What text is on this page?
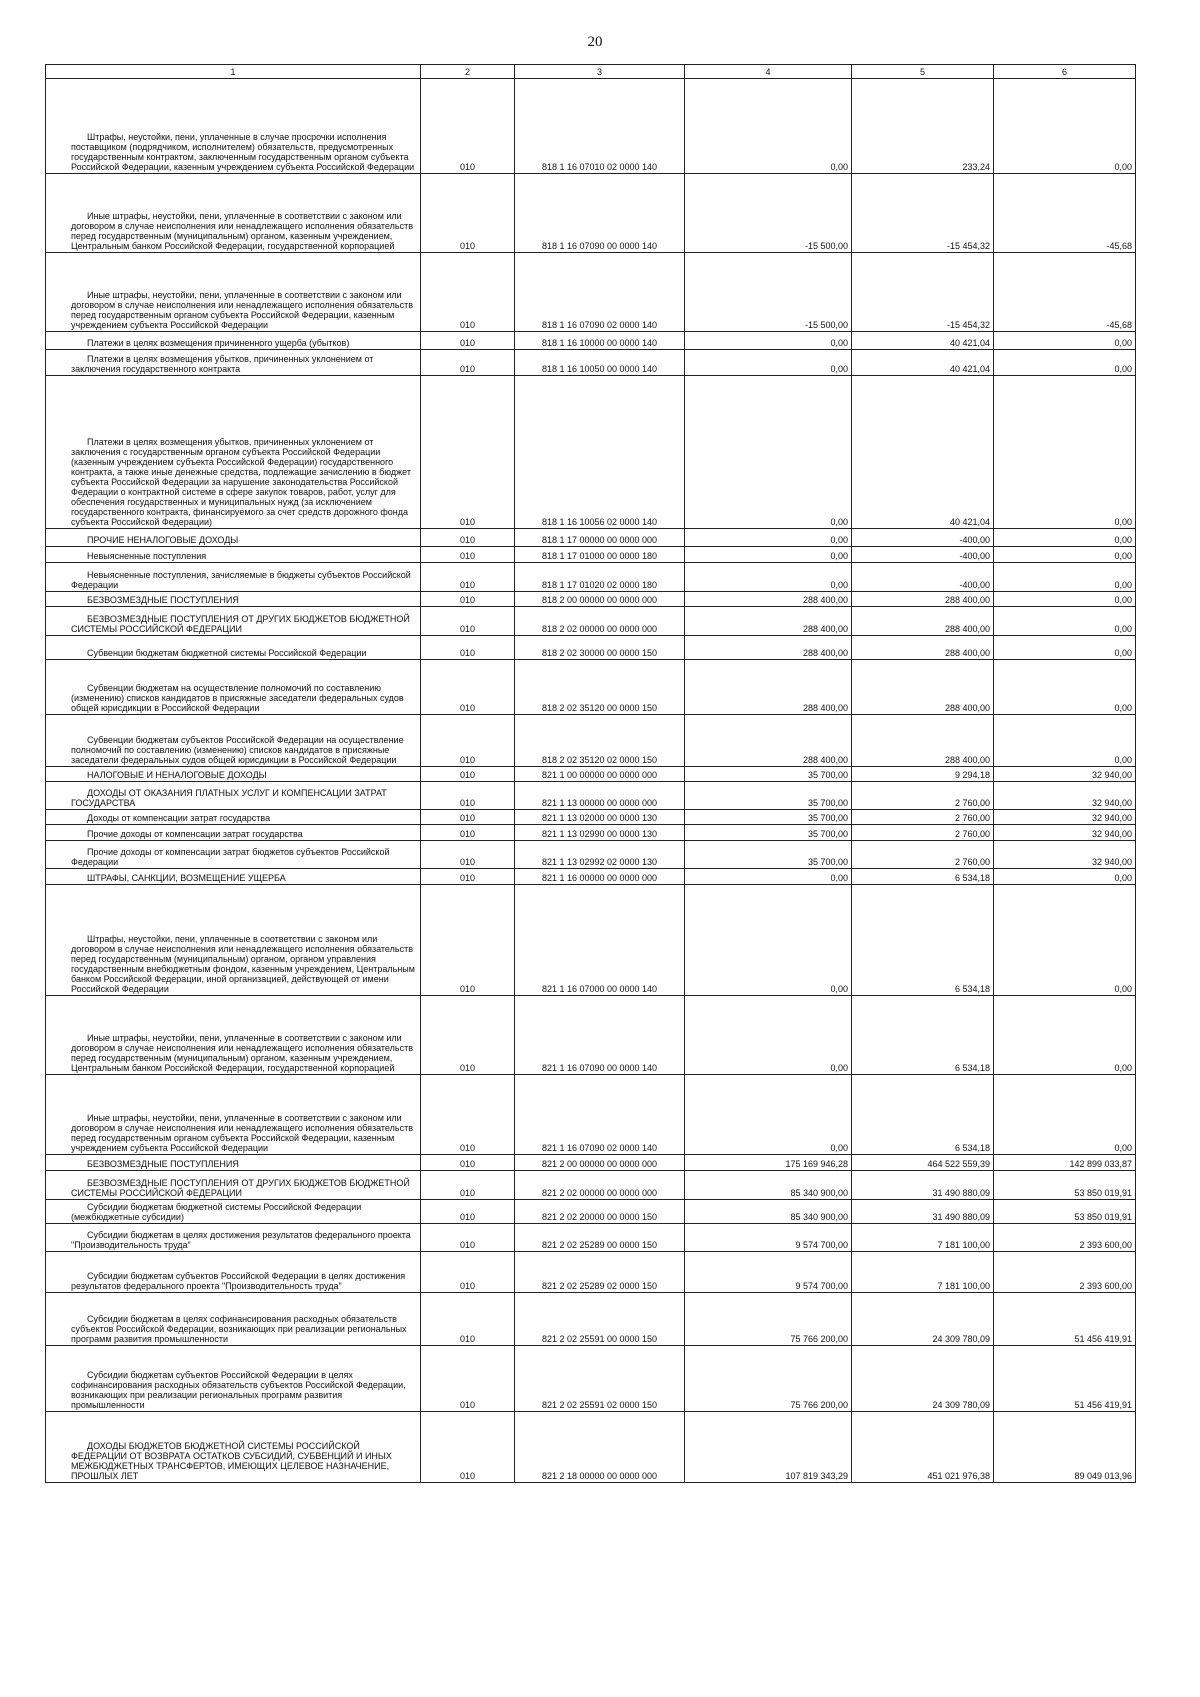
20
1	2	3	4	5	6
Штрафы, неустойки, пени, уплаченные в случае просрочки исполнения поставщиком (подрядчиком, исполнителем) обязательств, предусмотренных государственным контрактом, заключенным государственным органом субъекта Российской Федерации, казенным учреждением субъекта Российской Федерации	010	818 1 16 07010 02 0000 140	0,00	233,24	0,00
Иные штрафы, неустойки, пени, уплаченные в соответствии с законом или договором в случае неисполнения или ненадлежащего исполнения обязательств перед государственным (муниципальным) органом, казенным учреждением, Центральным банком Российской Федерации, государственной корпорацией	010	818 1 16 07090 00 0000 140	-15 500,00	-15 454,32	-45,68
Иные штрафы, неустойки, пени, уплаченные в соответствии с законом или договором в случае неисполнения или ненадлежащего исполнения обязательств перед государственным органом субъекта Российской Федерации, казенным учреждением субъекта Российской Федерации	010	818 1 16 07090 02 0000 140	-15 500,00	-15 454,32	-45,68
Платежи в целях возмещения причиненного ущерба (убытков)	010	818 1 16 10000 00 0000 140	0,00	40 421,04	0,00
Платежи в целях возмещения убытков, причиненных уклонением от заключения государственного контракта	010	818 1 16 10050 00 0000 140	0,00	40 421,04	0,00
Платежи в целях возмещения убытков, причиненных уклонением от заключения с государственным органом субъекта Российской Федерации (казенным учреждением субъекта Российской Федерации) государственного контракта, а также иные денежные средства, подлежащие зачислению в бюджет субъекта Российской Федерации за нарушение законодательства Российской Федерации о контрактной системе в сфере закупок товаров, работ, услуг для обеспечения государственных и муниципальных нужд (за исключением государственного контракта, финансируемого за счет средств дорожного фонда субъекта Российской Федерации)	010	818 1 16 10056 02 0000 140	0,00	40 421,04	0,00
ПРОЧИЕ НЕНАЛОГОВЫЕ ДОХОДЫ	010	818 1 17 00000 00 0000 000	0,00	-400,00	0,00
Невыясненные поступления	010	818 1 17 01000 00 0000 180	0,00	-400,00	0,00
Невыясненные поступления, зачисляемые в бюджеты субъектов Российской Федерации	010	818 1 17 01020 02 0000 180	0,00	-400,00	0,00
БЕЗВОЗМЕЗДНЫЕ ПОСТУПЛЕНИЯ	010	818 2 00 00000 00 0000 000	288 400,00	288 400,00	0,00
БЕЗВОЗМЕЗДНЫЕ ПОСТУПЛЕНИЯ ОТ ДРУГИХ БЮДЖЕТОВ БЮДЖЕТНОЙ СИСТЕМЫ РОССИЙСКОЙ ФЕДЕРАЦИИ	010	818 2 02 00000 00 0000 000	288 400,00	288 400,00	0,00
Субвенции бюджетам бюджетной системы Российской Федерации	010	818 2 02 30000 00 0000 150	288 400,00	288 400,00	0,00
Субвенции бюджетам на осуществление полномочий по составлению (изменению) списков кандидатов в присяжные заседатели федеральных судов общей юрисдикции в Российской Федерации	010	818 2 02 35120 00 0000 150	288 400,00	288 400,00	0,00
Субвенции бюджетам субъектов Российской Федерации на осуществление полномочий по составлению (изменению) списков кандидатов в присяжные заседатели федеральных судов общей юрисдикции в Российской Федерации	010	818 2 02 35120 02 0000 150	288 400,00	288 400,00	0,00
НАЛОГОВЫЕ И НЕНАЛОГОВЫЕ ДОХОДЫ	010	821 1 00 00000 00 0000 000	35 700,00	9 294,18	32 940,00
ДОХОДЫ ОТ ОКАЗАНИЯ ПЛАТНЫХ УСЛУГ И КОМПЕНСАЦИИ ЗАТРАТ ГОСУДАРСТВА	010	821 1 13 00000 00 0000 000	35 700,00	2 760,00	32 940,00
Доходы от компенсации затрат государства	010	821 1 13 02000 00 0000 130	35 700,00	2 760,00	32 940,00
Прочие доходы от компенсации затрат государства	010	821 1 13 02990 00 0000 130	35 700,00	2 760,00	32 940,00
Прочие доходы от компенсации затрат бюджетов субъектов Российской Федерации	010	821 1 13 02992 02 0000 130	35 700,00	2 760,00	32 940,00
ШТРАФЫ, САНКЦИИ, ВОЗМЕЩЕНИЕ УЩЕРБА	010	821 1 16 00000 00 0000 000	0,00	6 534,18	0,00
Штрафы, неустойки, пени, уплаченные в соответствии с законом или договором в случае неисполнения или ненадлежащего исполнения обязательств перед государственным (муниципальным) органом, органом управления государственным внебюджетным фондом, казенным учреждением, Центральным банком Российской Федерации, иной организацией, действующей от имени Российской Федерации	010	821 1 16 07000 00 0000 140	0,00	6 534,18	0,00
Иные штрафы, неустойки, пени, уплаченные в соответствии с законом или договором в случае неисполнения или ненадлежащего исполнения обязательств перед государственным (муниципальным) органом, казенным учреждением, Центральным банком Российской Федерации, государственной корпорацией	010	821 1 16 07090 00 0000 140	0,00	6 534,18	0,00
Иные штрафы, неустойки, пени, уплаченные в соответствии с законом или договором в случае неисполнения или ненадлежащего исполнения обязательств перед государственным органом субъекта Российской Федерации, казенным учреждением субъекта Российской Федерации	010	821 1 16 07090 02 0000 140	0,00	6 534,18	0,00
БЕЗВОЗМЕЗДНЫЕ ПОСТУПЛЕНИЯ	010	821 2 00 00000 00 0000 000	175 169 946,28	464 522 559,39	142 899 033,87
БЕЗВОЗМЕЗДНЫЕ ПОСТУПЛЕНИЯ ОТ ДРУГИХ БЮДЖЕТОВ БЮДЖЕТНОЙ СИСТЕМЫ РОССИЙСКОЙ ФЕДЕРАЦИИ	010	821 2 02 00000 00 0000 000	85 340 900,00	31 490 880,09	53 850 019,91
Субсидии бюджетам бюджетной системы Российской Федерации (межбюджетные субсидии)	010	821 2 02 20000 00 0000 150	85 340 900,00	31 490 880,09	53 850 019,91
Субсидии бюджетам в целях достижения результатов федерального проекта "Производительность труда"	010	821 2 02 25289 00 0000 150	9 574 700,00	7 181 100,00	2 393 600,00
Субсидии бюджетам субъектов Российской Федерации в целях достижения результатов федерального проекта "Производительность труда"	010	821 2 02 25289 02 0000 150	9 574 700,00	7 181 100,00	2 393 600,00
Субсидии бюджетам в целях софинансирования расходных обязательств субъектов Российской Федерации, возникающих при реализации региональных программ развития промышленности	010	821 2 02 25591 00 0000 150	75 766 200,00	24 309 780,09	51 456 419,91
Субсидии бюджетам субъектов Российской Федерации в целях софинансирования расходных обязательств субъектов Российской Федерации, возникающих при реализации региональных программ развития промышленности	010	821 2 02 25591 02 0000 150	75 766 200,00	24 309 780,09	51 456 419,91
ДОХОДЫ БЮДЖЕТОВ БЮДЖЕТНОЙ СИСТЕМЫ РОССИЙСКОЙ ФЕДЕРАЦИИ ОТ ВОЗВРАТА ОСТАТКОВ СУБСИДИЙ, СУБВЕНЦИЙ И ИНЫХ МЕЖБЮДЖЕТНЫХ ТРАНСФЕРТОВ, ИМЕЮЩИХ ЦЕЛЕВОЕ НАЗНАЧЕНИЕ, ПРОШЛЫХ ЛЕТ	010	821 2 18 00000 00 0000 000	107 819 343,29	451 021 976,38	89 049 013,96
